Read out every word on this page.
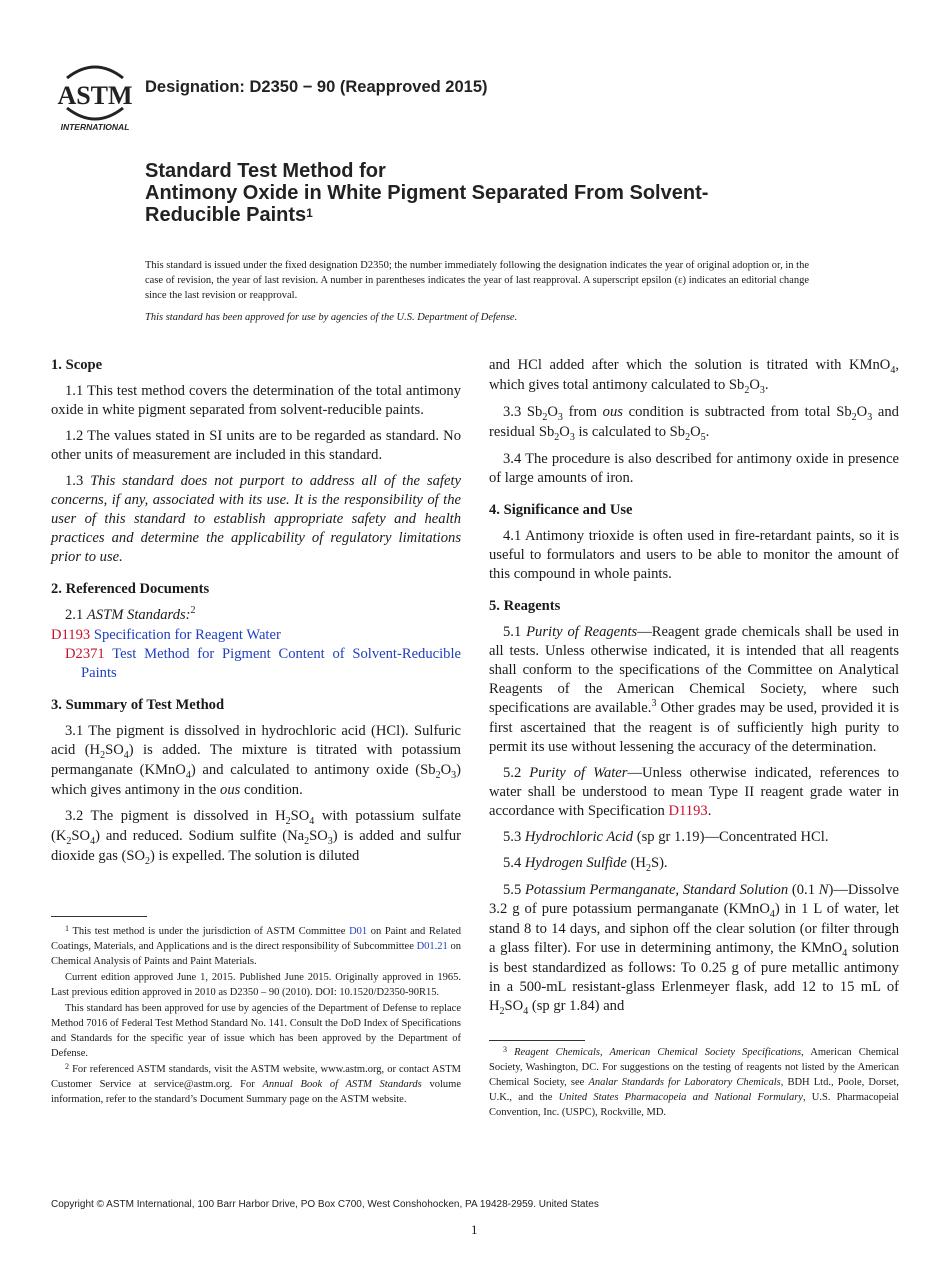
ASTM
INTERNATIONAL
Designation: D2350 − 90 (Reapproved 2015)
Standard Test Method for
Antimony Oxide in White Pigment Separated From Solvent-
Reducible Paints$^1$

This standard is issued under the fixed designation D2350; the number immediately following the designation indicates the year of original adoption or, in the case of revision, the year of last revision. A number in parentheses indicates the year of last reapproval. A superscript epsilon (ε) indicates an editorial change since the last revision or reapproval.

This standard has been approved for use by agencies of the U.S. Department of Defense.

1. Scope

1.1 This test method covers the determination of the total antimony oxide in white pigment separated from solvent-reducible paints.

1.2 The values stated in SI units are to be regarded as standard. No other units of measurement are included in this standard.

1.3 This standard does not purport to address all of the safety concerns, if any, associated with its use. It is the responsibility of the user of this standard to establish appropriate safety and health practices and determine the applicability of regulatory limitations prior to use.

2. Referenced Documents

2.1 ASTM Standards:$^2$

D1193 Specification for Reagent Water

D2371 Test Method for Pigment Content of Solvent-Reducible Paints

3. Summary of Test Method

3.1 The pigment is dissolved in hydrochloric acid (HCl). Sulfuric acid $(H_2SO_4)$ is added. The mixture is titrated with potassium permanganate (KMnO$_4$) and calculated to antimony oxide $(Sb_2O_3)$ which gives antimony in the ous condition.

3.2 The pigment is dissolved in $H_2SO_4$ with potassium sulfate $(K_2SO_4)$ and reduced. Sodium sulfite $(Na_2SO_3)$ is added and sulfur dioxide gas $(SO_2)$ is expelled. The solution is diluted

$^1$ This test method is under the jurisdiction of ASTM Committee D01 on Paint and Related Coatings, Materials, and Applications and is the direct responsibility of Subcommittee D01.21 on Chemical Analysis of Paints and Paint Materials.

Current edition approved June 1, 2015. Published June 2015. Originally approved in 1965. Last previous edition approved in 2010 as D2350 – 90 (2010). DOI: 10.1520/D2350-90R15.

This standard has been approved for use by agencies of the Department of Defense to replace Method 7016 of Federal Test Method Standard No. 141. Consult the DoD Index of Specifications and Standards for the specific year of issue which has been approved by the Department of Defense.

$^2$ For referenced ASTM standards, visit the ASTM website, www.astm.org, or contact ASTM Customer Service at service@astm.org. For Annual Book of ASTM Standards volume information, refer to the standard’s Document Summary page on the ASTM website.

and HCl added after which the solution is titrated with KMnO$_4$, which gives total antimony calculated to $Sb_2O_3$.

3.3 $Sb_2O_3$ from ous condition is subtracted from total $Sb_2O_3$ and residual $Sb_2O_3$ is calculated to $Sb_2O_5$.

3.4 The procedure is also described for antimony oxide in presence of large amounts of iron.

4. Significance and Use

4.1 Antimony trioxide is often used in fire-retardant paints, so it is useful to formulators and users to be able to monitor the amount of this compound in whole paints.

5. Reagents

5.1 Purity of Reagents—Reagent grade chemicals shall be used in all tests. Unless otherwise indicated, it is intended that all reagents shall conform to the specifications of the Committee on Analytical Reagents of the American Chemical Society, where such specifications are available.$^3$ Other grades may be used, provided it is first ascertained that the reagent is of sufficiently high purity to permit its use without lessening the accuracy of the determination.

5.2 Purity of Water—Unless otherwise indicated, references to water shall be understood to mean Type II reagent grade water in accordance with Specification D1193.

5.3 Hydrochloric Acid (sp gr 1.19)—Concentrated HCl.

5.4 Hydrogen Sulfide $(H_2S)$.

5.5 Potassium Permanganate, Standard Solution (0.1 N)—Dissolve 3.2 g of pure potassium permanganate (KMnO$_4$) in 1 L of water, let stand 8 to 14 days, and siphon off the clear solution (or filter through a glass filter). For use in determining antimony, the KMnO$_4$ solution is best standardized as follows: To 0.25 g of pure metallic antimony in a 500-mL resistant-glass Erlenmeyer flask, add 12 to 15 mL of $H_2SO_4$ (sp gr 1.84) and

$^3$ Reagent Chemicals, American Chemical Society Specifications, American Chemical Society, Washington, DC. For suggestions on the testing of reagents not listed by the American Chemical Society, see Analar Standards for Laboratory Chemicals, BDH Ltd., Poole, Dorset, U.K., and the United States Pharmacopeia and National Formulary, U.S. Pharmacopeial Convention, Inc. (USPC), Rockville, MD.

Copyright © ASTM International, 100 Barr Harbor Drive, PO Box C700, West Conshohocken, PA 19428-2959. United States
1
